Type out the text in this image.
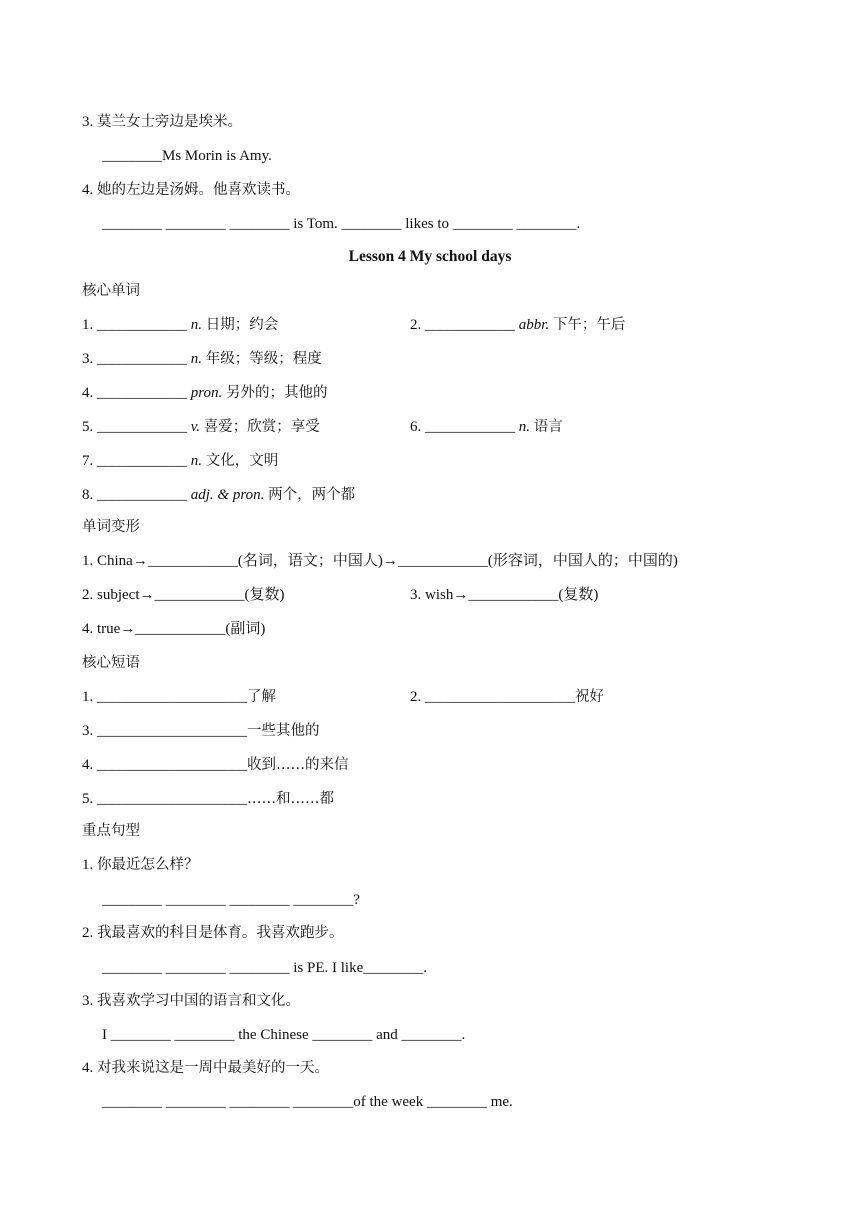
3. 莫兰女士旁边是埃米。
________Ms Morin is Amy.
4. 她的左边是汤姆。他喜欢读书。
________ ________ ________ is Tom. ________ likes to ________ ________.
Lesson 4 My school days
核心单词
1. ____________ n. 日期；约会	2. ____________ abbr. 下午；午后
3. ____________ n. 年级；等级；程度
4. ____________ pron. 另外的；其他的
5. ____________ v. 喜爱；欣赏；享受	6. ____________ n. 语言
7. ____________ n. 文化，文明
8. ____________ adj. & pron. 两个，两个都
单词变形
1. China→____________(名词，语文；中国人)→____________(形容词，中国人的；中国的)
2. subject→____________(复数)	3. wish→____________(复数)
4. true→____________(副词)
核心短语
1. ____________________了解	2. ____________________祝好
3. ____________________一些其他的
4. ____________________收到……的来信
5. ____________________……和……都
重点句型
1. 你最近怎么样？
________ ________ ________ ________?
2. 我最喜欢的科目是体育。我喜欢跑步。
________ ________ ________ is PE. I like________.
3. 我喜欢学习中国的语言和文化。
I ________ ________ the Chinese ________ and ________.
4. 对我来说这是一周中最美好的一天。
________ ________ ________ ________of the week ________ me.
